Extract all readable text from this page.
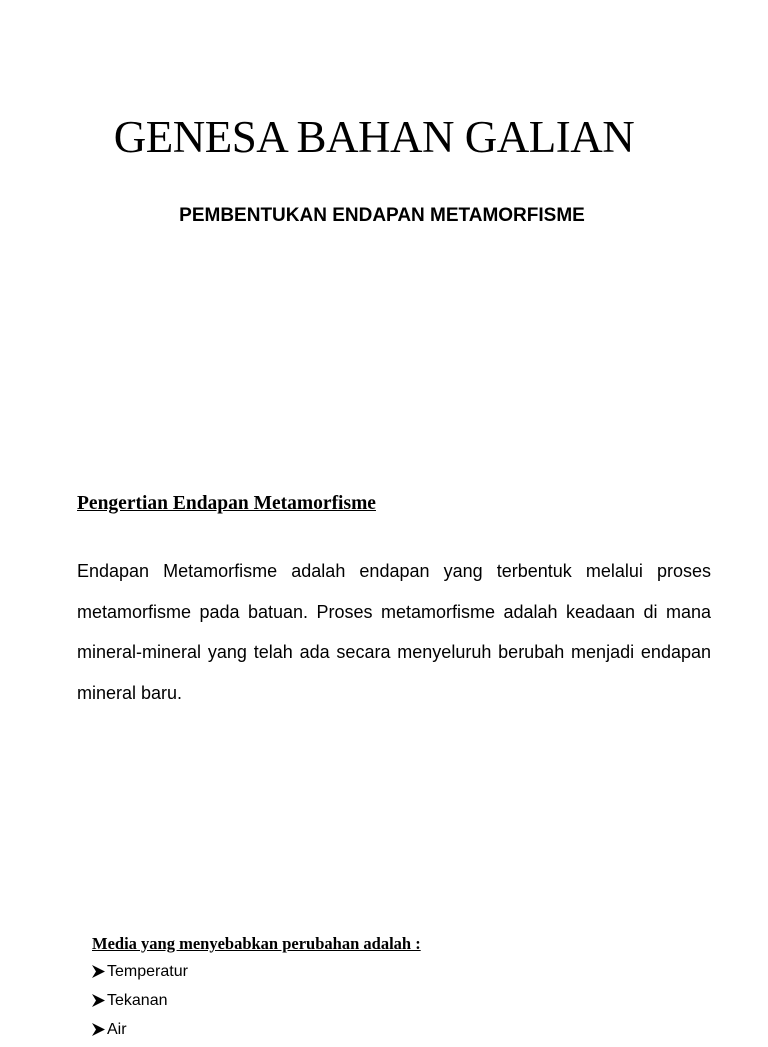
GENESA BAHAN GALIAN
PEMBENTUKAN ENDAPAN METAMORFISME
Pengertian Endapan Metamorfisme

Endapan Metamorfisme adalah endapan yang terbentuk melalui proses metamorfisme pada batuan. Proses metamorfisme adalah keadaan di mana mineral-mineral yang telah ada secara menyeluruh berubah menjadi endapan mineral baru.

Media yang menyebabkan perubahan adalah :
Temperatur
Tekanan
Air
